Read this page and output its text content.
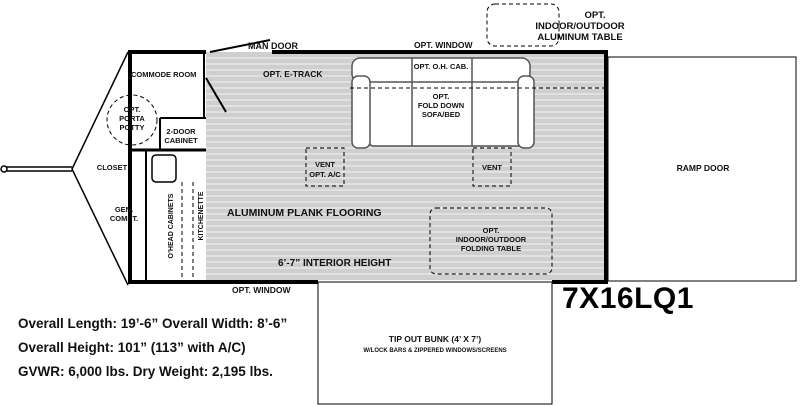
OPT.
INDOOR/OUTDOOR
ALUMINUM TABLE
MAN DOOR	OPT. WINDOW
COMMODE ROOM	OPT. E-TRACK
OPT. O.H. CAB.
OPT.
FOLD DOWN
SOFA/BED
OPT.
PORTA
POTTY	2-DOOR
CABINET
CLOSET	VENT
OPT. A/C
VENT	RAMP DOOR
GEN.
COMPT.	O’HEAD CABINETS	KITCHENETTE ALUMINUM PLANK FLOORING
OPT.
INDOOR/OUTDOOR
FOLDING TABLE
6’-7” INTERIOR HEIGHT
OPT. WINDOW
TIP OUT BUNK (4’ X 7’)
W/LOCK BARS & ZIPPERED WINDOWS/SCREENS
7X16LQ1
Overall Length: 19’-6” Overall Width: 8’-6”
Overall Height: 101” (113” with A/C)
GVWR: 6,000 lbs. Dry Weight: 2,195 lbs.
